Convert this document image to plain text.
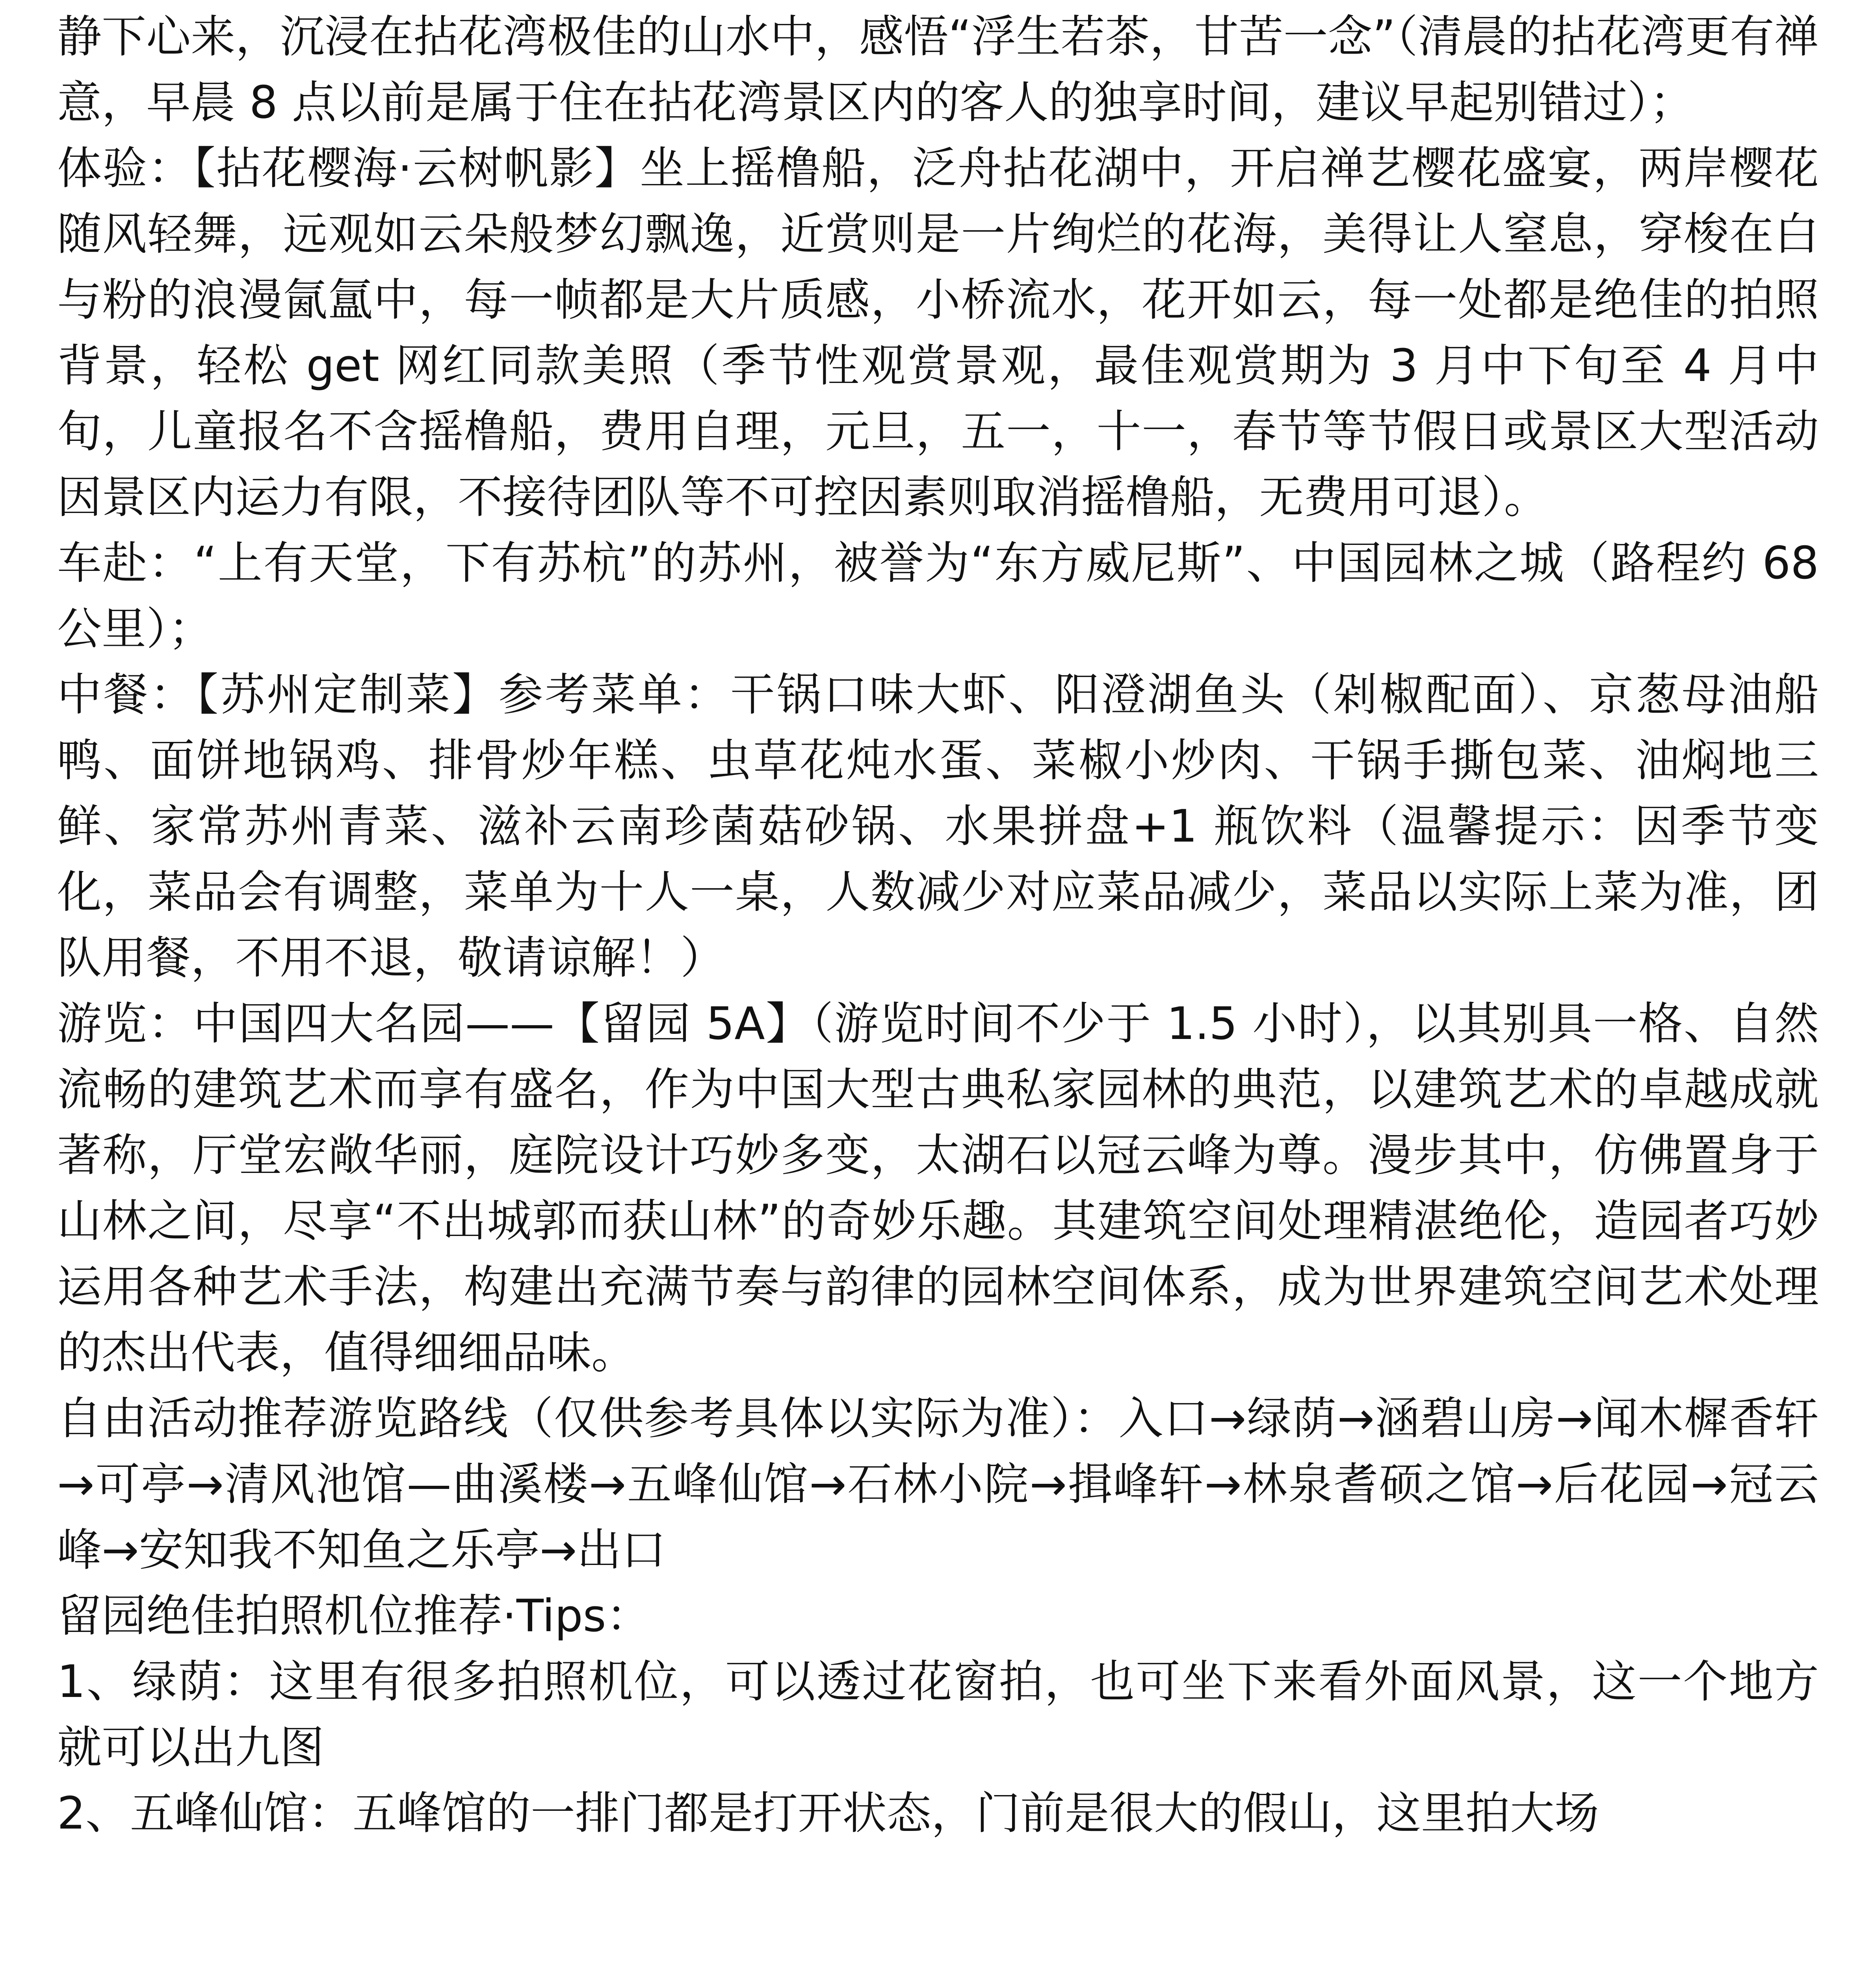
静下心来，沉浸在拈花湾极佳的山水中，感悟“浮生若茶，甘苦一念”（清晨的拈花湾更有禅意，早晨 8 点以前是属于住在拈花湾景区内的客人的独享时间，建议早起别错过）；

体验：【拈花樱海·云树帆影】坐上摇橹船，泛舟拈花湖中，开启禅艺樱花盛宴，两岸樱花随风轻舞，远观如云朵般梦幻飘逸，近赏则是一片绚烂的花海，美得让人窒息，穿梭在白与粉的浪漫氤氲中，每一帧都是大片质感，小桥流水，花开如云，每一处都是绝佳的拍照背景，轻松 get 网红同款美照（季节性观赏景观，最佳观赏期为 3 月中下旬至 4 月中旬，儿童报名不含摇橹船，费用自理，元旦，五一，十一，春节等节假日或景区大型活动因景区内运力有限，不接待团队等不可控因素则取消摇橹船，无费用可退）。

车赴：“上有天堂，下有苏杭”的苏州，被誉为“东方威尼斯”、中国园林之城（路程约 68 公里）；

中餐：【苏州定制菜】参考菜单：干锅口味大虾、阳澄湖鱼头（剁椒配面）、京葱母油船鸭、面饼地锅鸡、排骨炒年糕、虫草花炖水蛋、菜椒小炒肉、干锅手撕包菜、油焖地三鲜、家常苏州青菜、滋补云南珍菌菇砂锅、水果拼盘+1 瓶饮料（温馨提示：因季节变化，菜品会有调整，菜单为十人一桌，人数减少对应菜品减少，菜品以实际上菜为准，团队用餐，不用不退，敬请谅解！）

游览：中国四大名园——【留园 5A】（游览时间不少于 1.5 小时），以其别具一格、自然流畅的建筑艺术而享有盛名，作为中国大型古典私家园林的典范，以建筑艺术的卓越成就著称，厅堂宏敞华丽，庭院设计巧妙多变，太湖石以冠云峰为尊。漫步其中，仿佛置身于山林之间，尽享“不出城郭而获山林”的奇妙乐趣。其建筑空间处理精湛绝伦，造园者巧妙运用各种艺术手法，构建出充满节奏与韵律的园林空间体系，成为世界建筑空间艺术处理的杰出代表，值得细细品味。

自由活动推荐游览路线（仅供参考具体以实际为准）：入口→绿荫→涵碧山房→闻木樨香轩→可亭→清风池馆—曲溪楼→五峰仙馆→石林小院→揖峰轩→林泉耆硕之馆→后花园→冠云峰→安知我不知鱼之乐亭→出口

留园绝佳拍照机位推荐·Tips：

1、绿荫：这里有很多拍照机位，可以透过花窗拍，也可坐下来看外面风景，这一个地方就可以出九图

2、五峰仙馆：五峰馆的一排门都是打开状态，门前是很大的假山，这里拍大场
